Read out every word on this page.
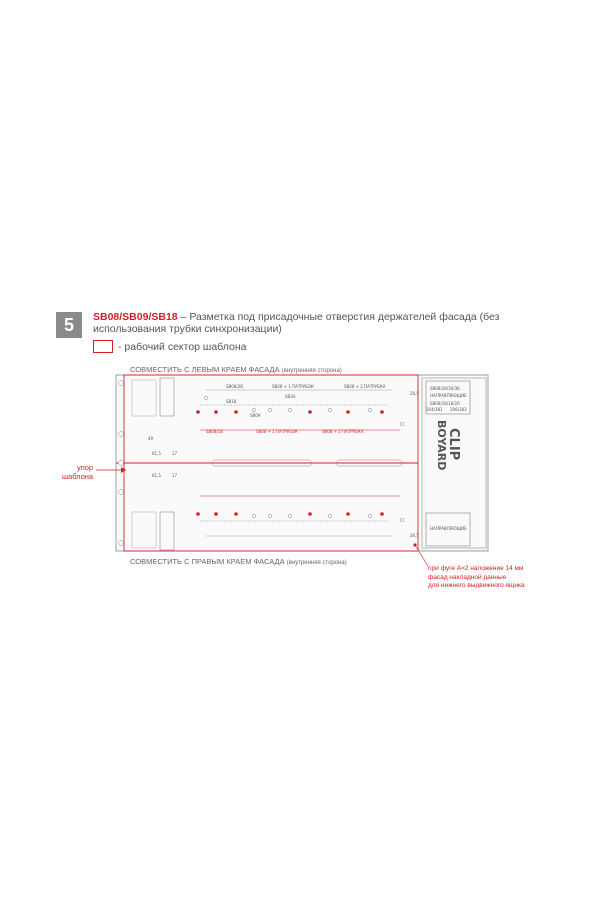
5	SB08/SB09/SB18 – Разметка под присадочные отверстия держателей фасада (без использования трубки синхронизации)
- рабочий сектор шаблона
СОВМЕСТИТЬ С ЛЕВЫМ КРАЕМ ФАСАДА (внутренняя сторона)
СОВМЕСТИТЬ С ПРАВЫМ КРАЕМ ФАСАДА (внутренняя сторона)
упор
шаблона
при фуге А=2 наложение 14 мм
фасад накладной данные
для нижнего выдвижного ящика
SB08/28/30/36
НАПРАВЛЯЮЩИЕ
SB08/18/16/20
204/381 206/383
НАПРАВЛЯЮЩИЕ
BOYARD
CLIP
61,5
61,5
17
17
49
26,5
26,5
SB08/28	SB08 + 1 ПАТРУБОК	SB08 + 2 ПАТРУБКА
SB18
SB30
SB09
SB08/18	SB08 + 1 ПАТРУБОК	SB08 + 2 ПАТРУБКА
